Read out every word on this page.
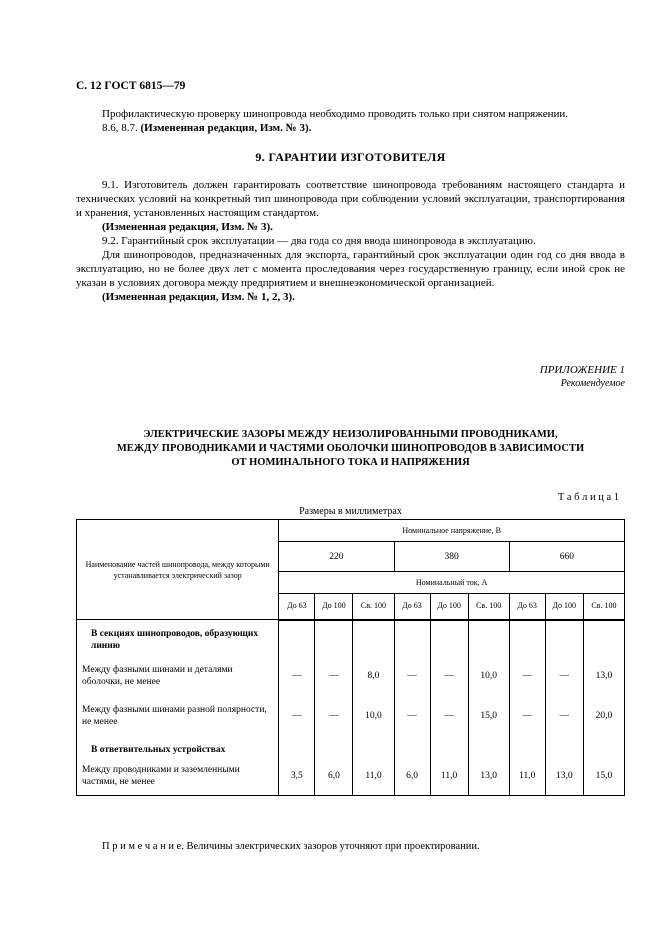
С. 12 ГОСТ 6815—79

Профилактическую проверку шинопровода необходимо проводить только при снятом напряжении.

8.6, 8.7. (Измененная редакция, Изм. № 3).

9. ГАРАНТИИ ИЗГОТОВИТЕЛЯ

9.1. Изготовитель должен гарантировать соответствие шинопровода требованиям настоящего стандарта и технических условий на конкретный тип шинопровода при соблюдении условий эксплуатации, транспортирования и хранения, установленных настоящим стандартом.

(Измененная редакция, Изм. № 3).

9.2. Гарантийный срок эксплуатации — два года со дня ввода шинопровода в эксплуатацию.

Для шинопроводов, предназначенных для экспорта, гарантийный срок эксплуатации один год со дня ввода в эксплуатацию, но не более двух лет с момента проследования через государственную границу, если иной срок не указан в условиях договора между предприятием и внешнеэкономической организацией.

(Измененная редакция, Изм. № 1, 2, 3).

ПРИЛОЖЕНИЕ 1
Рекомендуемое
ЭЛЕКТРИЧЕСКИЕ ЗАЗОРЫ МЕЖДУ НЕИЗОЛИРОВАННЫМИ ПРОВОДНИКАМИ,
МЕЖДУ ПРОВОДНИКАМИ И ЧАСТЯМИ ОБОЛОЧКИ ШИНОПРОВОДОВ В ЗАВИСИМОСТИ
ОТ НОМИНАЛЬНОГО ТОКА И НАПРЯЖЕНИЯ
Т а б л и ц а 1
Размеры в миллиметрах
Наименование частей шинопровода, между которыми устанавливается электрический зазор	Номинальное напряжение, В								
	220			380			660		
	Номинальный ток, А								
	До 63	До 100	Св. 100	До 63	До 100	Св. 100	До 63	До 100	Св. 100
В секциях шинопроводов, образующих линию									
Между фазными шинами и деталями оболочки, не менее	—	—	8,0	—	—	10,0	—	—	13,0
Между фазными шинами разной полярности, не менее	—	—	10,0	—	—	15,0	—	—	20,0
В ответвительных устройствах									
Между проводниками и заземленными частями, не менее	3,5	6,0	11,0	6,0	11,0	13,0	11,0	13,0	15,0

П р и м е ч а н и е. Величины электрических зазоров уточняют при проектировании.
